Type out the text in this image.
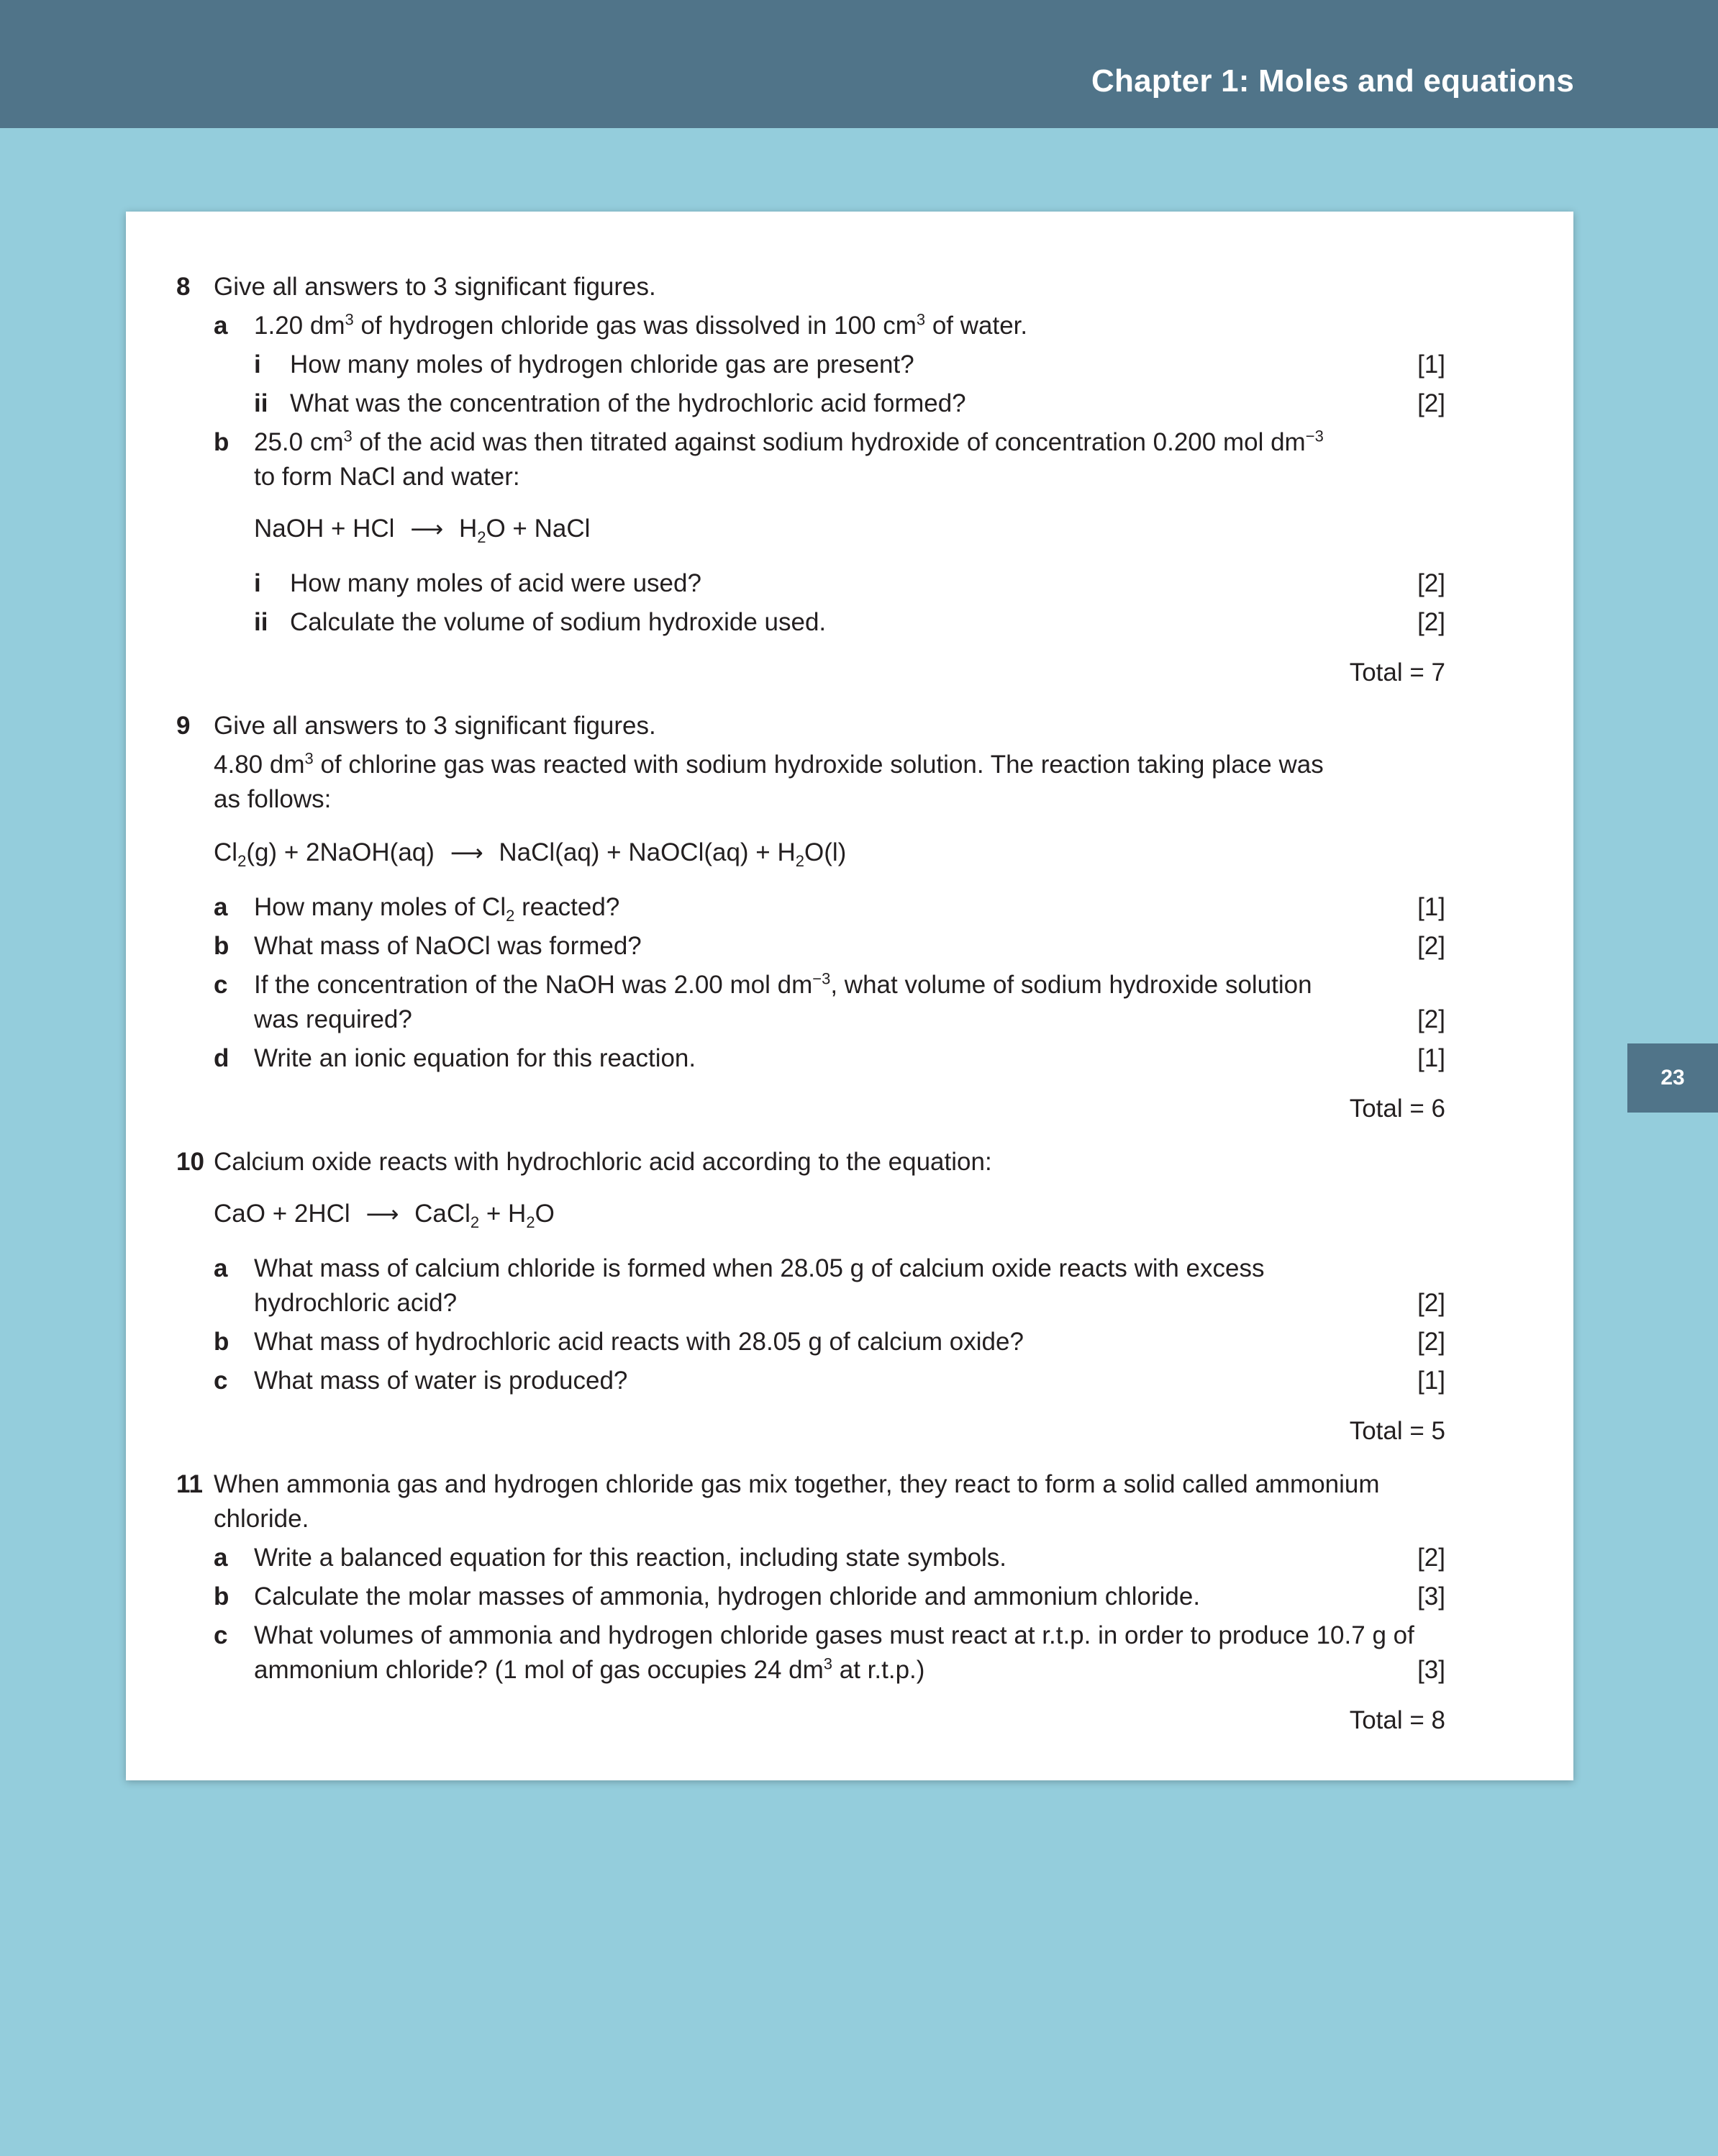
Chapter 1: Moles and equations
23
8 Give all answers to 3 significant figures.
a 1.20 $dm^3$ of hydrogen chloride gas was dissolved in 100 $cm^3$ of water.
i How many moles of hydrogen chloride gas are present?	[1]
ii What was the concentration of the hydrochloric acid formed?	[2]
b 25.0 $cm^3$ of the acid was then titrated against sodium hydroxide of concentration 0.200 mol $dm^{-3}$
to form NaCl and water:
NaOH + HCl ⟶ $H_2O$ + NaCl
i How many moles of acid were used?	[2]
ii Calculate the volume of sodium hydroxide used.	[2]
Total = 7
9 Give all answers to 3 significant figures.
4.80 $dm^3$ of chlorine gas was reacted with sodium hydroxide solution. The reaction taking place was
as follows:
$Cl_2(g)$ + 2NaOH(aq) ⟶ NaCl(aq) + NaOCl(aq) + $H_2O(l)$
a How many moles of $Cl_2$ reacted?	[1]
b What mass of NaOCl was formed?	[2]
c If the concentration of the NaOH was 2.00 mol $dm^{-3}$, what volume of sodium hydroxide solution
was required?	[2]
d Write an ionic equation for this reaction.	[1]
Total = 6
10 Calcium oxide reacts with hydrochloric acid according to the equation:
CaO + 2HCl ⟶ CaCl$_2$ + $H_2O$
a What mass of calcium chloride is formed when 28.05 g of calcium oxide reacts with excess
hydrochloric acid?	[2]
b What mass of hydrochloric acid reacts with 28.05 g of calcium oxide?	[2]
c What mass of water is produced?	[1]
Total = 5
11 When ammonia gas and hydrogen chloride gas mix together, they react to form a solid called ammonium
chloride.
a Write a balanced equation for this reaction, including state symbols.	[2]
b Calculate the molar masses of ammonia, hydrogen chloride and ammonium chloride.	[3]
c What volumes of ammonia and hydrogen chloride gases must react at r.t.p. in order to produce 10.7 g of
ammonium chloride? (1 mol of gas occupies 24 $dm^3$ at r.t.p.)	[3]
Total = 8
